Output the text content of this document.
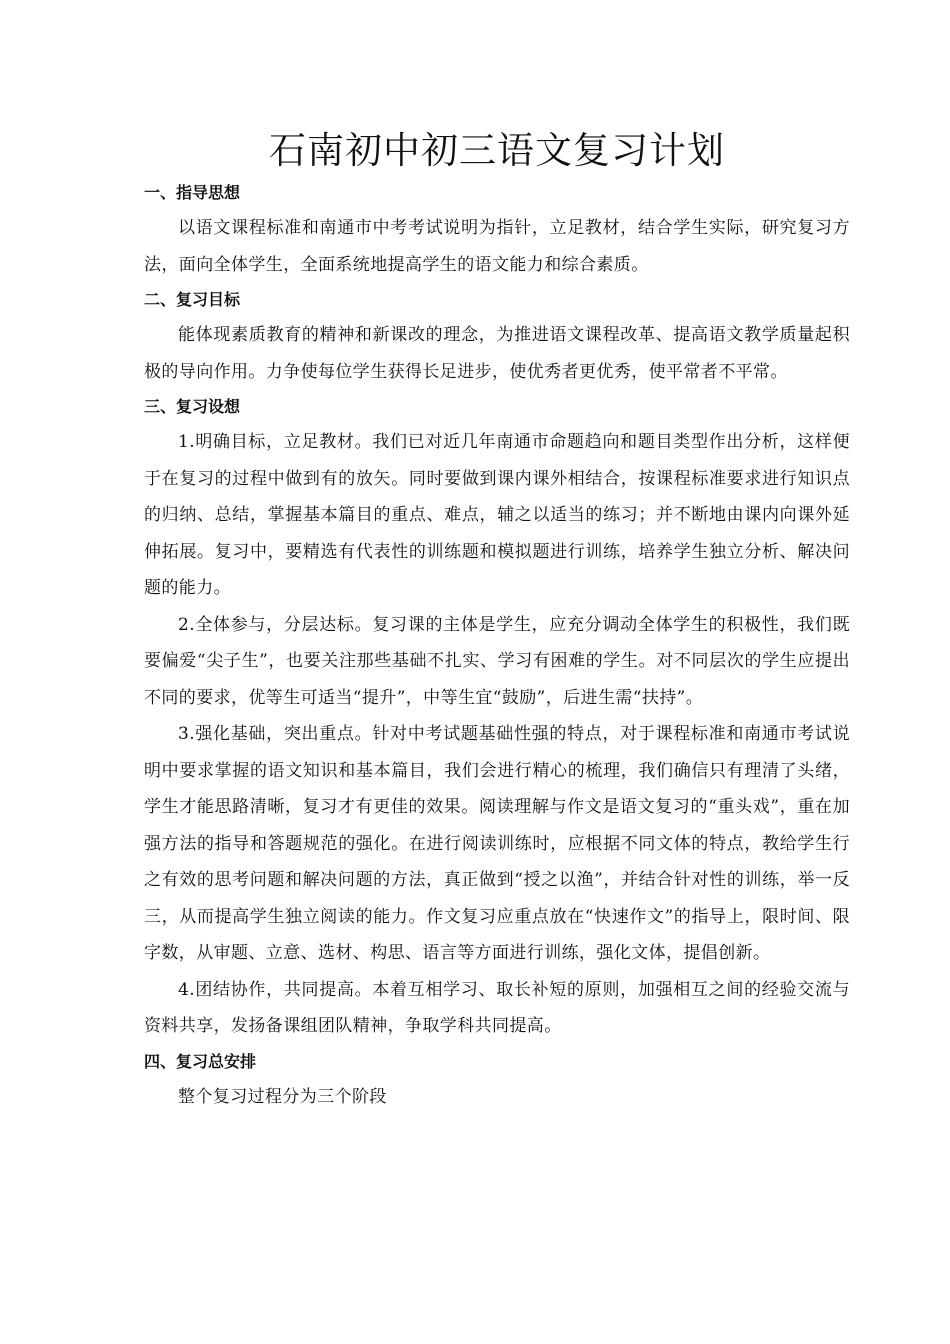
石南初中初三语文复习计划

一、指导思想

以语文课程标准和南通市中考考试说明为指针，立足教材，结合学生实际，研究复习方法，面向全体学生，全面系统地提高学生的语文能力和综合素质。

二、复习目标

能体现素质教育的精神和新课改的理念，为推进语文课程改革、提高语文教学质量起积极的导向作用。力争使每位学生获得长足进步，使优秀者更优秀，使平常者不平常。

三、复习设想

1.明确目标，立足教材。我们已对近几年南通市命题趋向和题目类型作出分析，这样便于在复习的过程中做到有的放矢。同时要做到课内课外相结合，按课程标准要求进行知识点的归纳、总结，掌握基本篇目的重点、难点，辅之以适当的练习；并不断地由课内向课外延伸拓展。复习中，要精选有代表性的训练题和模拟题进行训练，培养学生独立分析、解决问题的能力。

2.全体参与，分层达标。复习课的主体是学生，应充分调动全体学生的积极性，我们既要偏爱“尖子生”，也要关注那些基础不扎实、学习有困难的学生。对不同层次的学生应提出不同的要求，优等生可适当“提升”，中等生宜“鼓励”，后进生需“扶持”。

3.强化基础，突出重点。针对中考试题基础性强的特点，对于课程标准和南通市考试说明中要求掌握的语文知识和基本篇目，我们会进行精心的梳理，我们确信只有理清了头绪，学生才能思路清晰，复习才有更佳的效果。阅读理解与作文是语文复习的“重头戏”，重在加强方法的指导和答题规范的强化。在进行阅读训练时，应根据不同文体的特点，教给学生行之有效的思考问题和解决问题的方法，真正做到“授之以渔”，并结合针对性的训练，举一反三，从而提高学生独立阅读的能力。作文复习应重点放在“快速作文”的指导上，限时间、限字数，从审题、立意、选材、构思、语言等方面进行训练，强化文体，提倡创新。

4.团结协作，共同提高。本着互相学习、取长补短的原则，加强相互之间的经验交流与资料共享，发扬备课组团队精神，争取学科共同提高。

四、复习总安排

整个复习过程分为三个阶段
